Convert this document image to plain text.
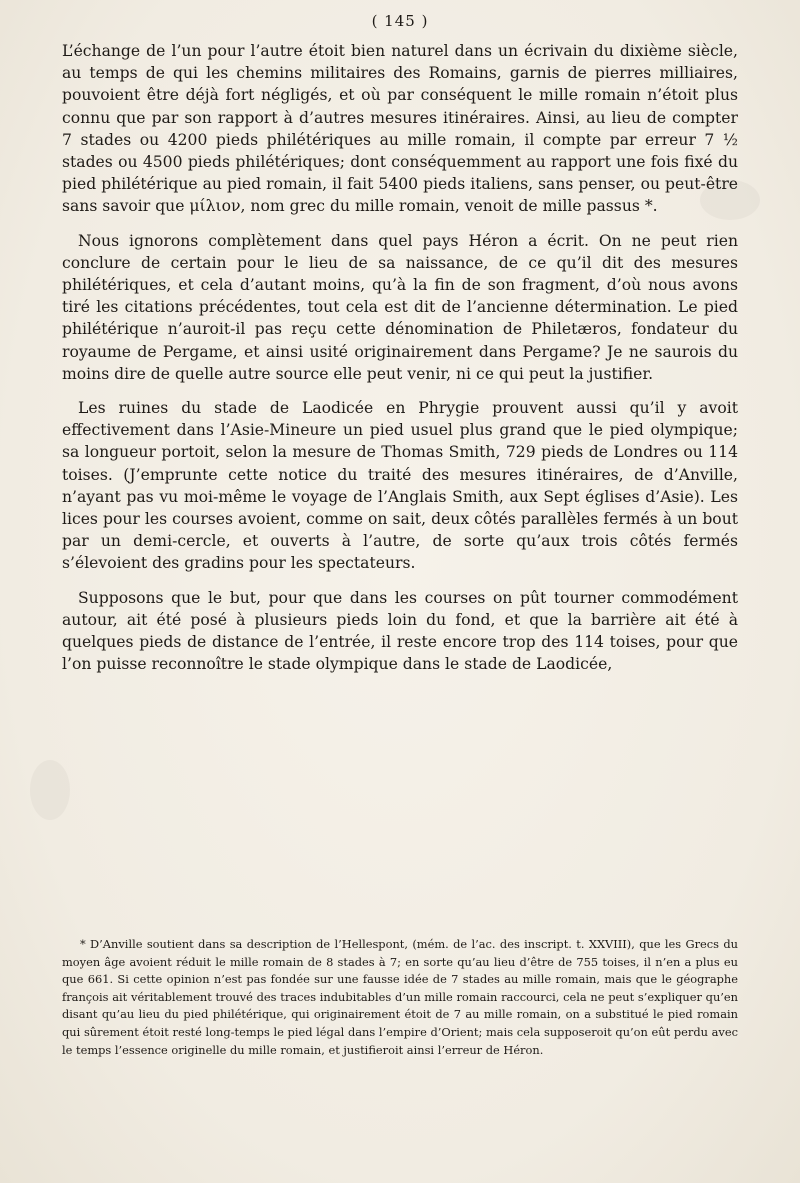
( 145 )

L’échange de l’un pour l’autre étoit bien naturel dans un écrivain du dixième siècle, au temps de qui les chemins militaires des Romains, garnis de pierres milliaires, pouvoient être déjà fort négligés, et où par conséquent le mille romain n’étoit plus connu que par son rapport à d’autres mesures itinéraires. Ainsi, au lieu de compter 7 stades ou 4200 pieds philétériques au mille romain, il compte par erreur 7 ½ stades ou 4500 pieds philétériques; dont conséquemment au rapport une fois fixé du pied philétérique au pied romain, il fait 5400 pieds italiens, sans penser, ou peut-être sans savoir que μίλιον, nom grec du mille romain, venoit de mille passus *.

Nous ignorons complètement dans quel pays Héron a écrit. On ne peut rien conclure de certain pour le lieu de sa naissance, de ce qu’il dit des mesures philétériques, et cela d’autant moins, qu’à la fin de son fragment, d’où nous avons tiré les citations précédentes, tout cela est dit de l’ancienne détermination. Le pied philétérique n’auroit-il pas reçu cette dénomination de Philetæros, fondateur du royaume de Pergame, et ainsi usité originairement dans Pergame? Je ne saurois du moins dire de quelle autre source elle peut venir, ni ce qui peut la justifier.

Les ruines du stade de Laodicée en Phrygie prouvent aussi qu’il y avoit effectivement dans l’Asie-Mineure un pied usuel plus grand que le pied olympique; sa longueur portoit, selon la mesure de Thomas Smith, 729 pieds de Londres ou 114 toises. (J’emprunte cette notice du traité des mesures itinéraires, de d’Anville, n’ayant pas vu moi-même le voyage de l’Anglais Smith, aux Sept églises d’Asie). Les lices pour les courses avoient, comme on sait, deux côtés parallèles fermés à un bout par un demi-cercle, et ouverts à l’autre, de sorte qu’aux trois côtés fermés s’élevoient des gradins pour les spectateurs.

Supposons que le but, pour que dans les courses on pût tourner commodément autour, ait été posé à plusieurs pieds loin du fond, et que la barrière ait été à quelques pieds de distance de l’entrée, il reste encore trop des 114 toises, pour que l’on puisse reconnoître le stade olympique dans le stade de Laodicée,

* D’Anville soutient dans sa description de l’Hellespont, (mém. de l’ac. des inscript. t. XXVIII), que les Grecs du moyen âge avoient réduit le mille romain de 8 stades à 7; en sorte qu’au lieu d’être de 755 toises, il n’en a plus eu que 661. Si cette opinion n’est pas fondée sur une fausse idée de 7 stades au mille romain, mais que le géographe françois ait véritablement trouvé des traces indubitables d’un mille romain raccourci, cela ne peut s’expliquer qu’en disant qu’au lieu du pied philétérique, qui originairement étoit de 7 au mille romain, on a substitué le pied romain qui sûrement étoit resté long-temps le pied légal dans l’empire d’Orient; mais cela supposeroit qu’on eût perdu avec le temps l’essence originelle du mille romain, et justifieroit ainsi l’erreur de Héron.
